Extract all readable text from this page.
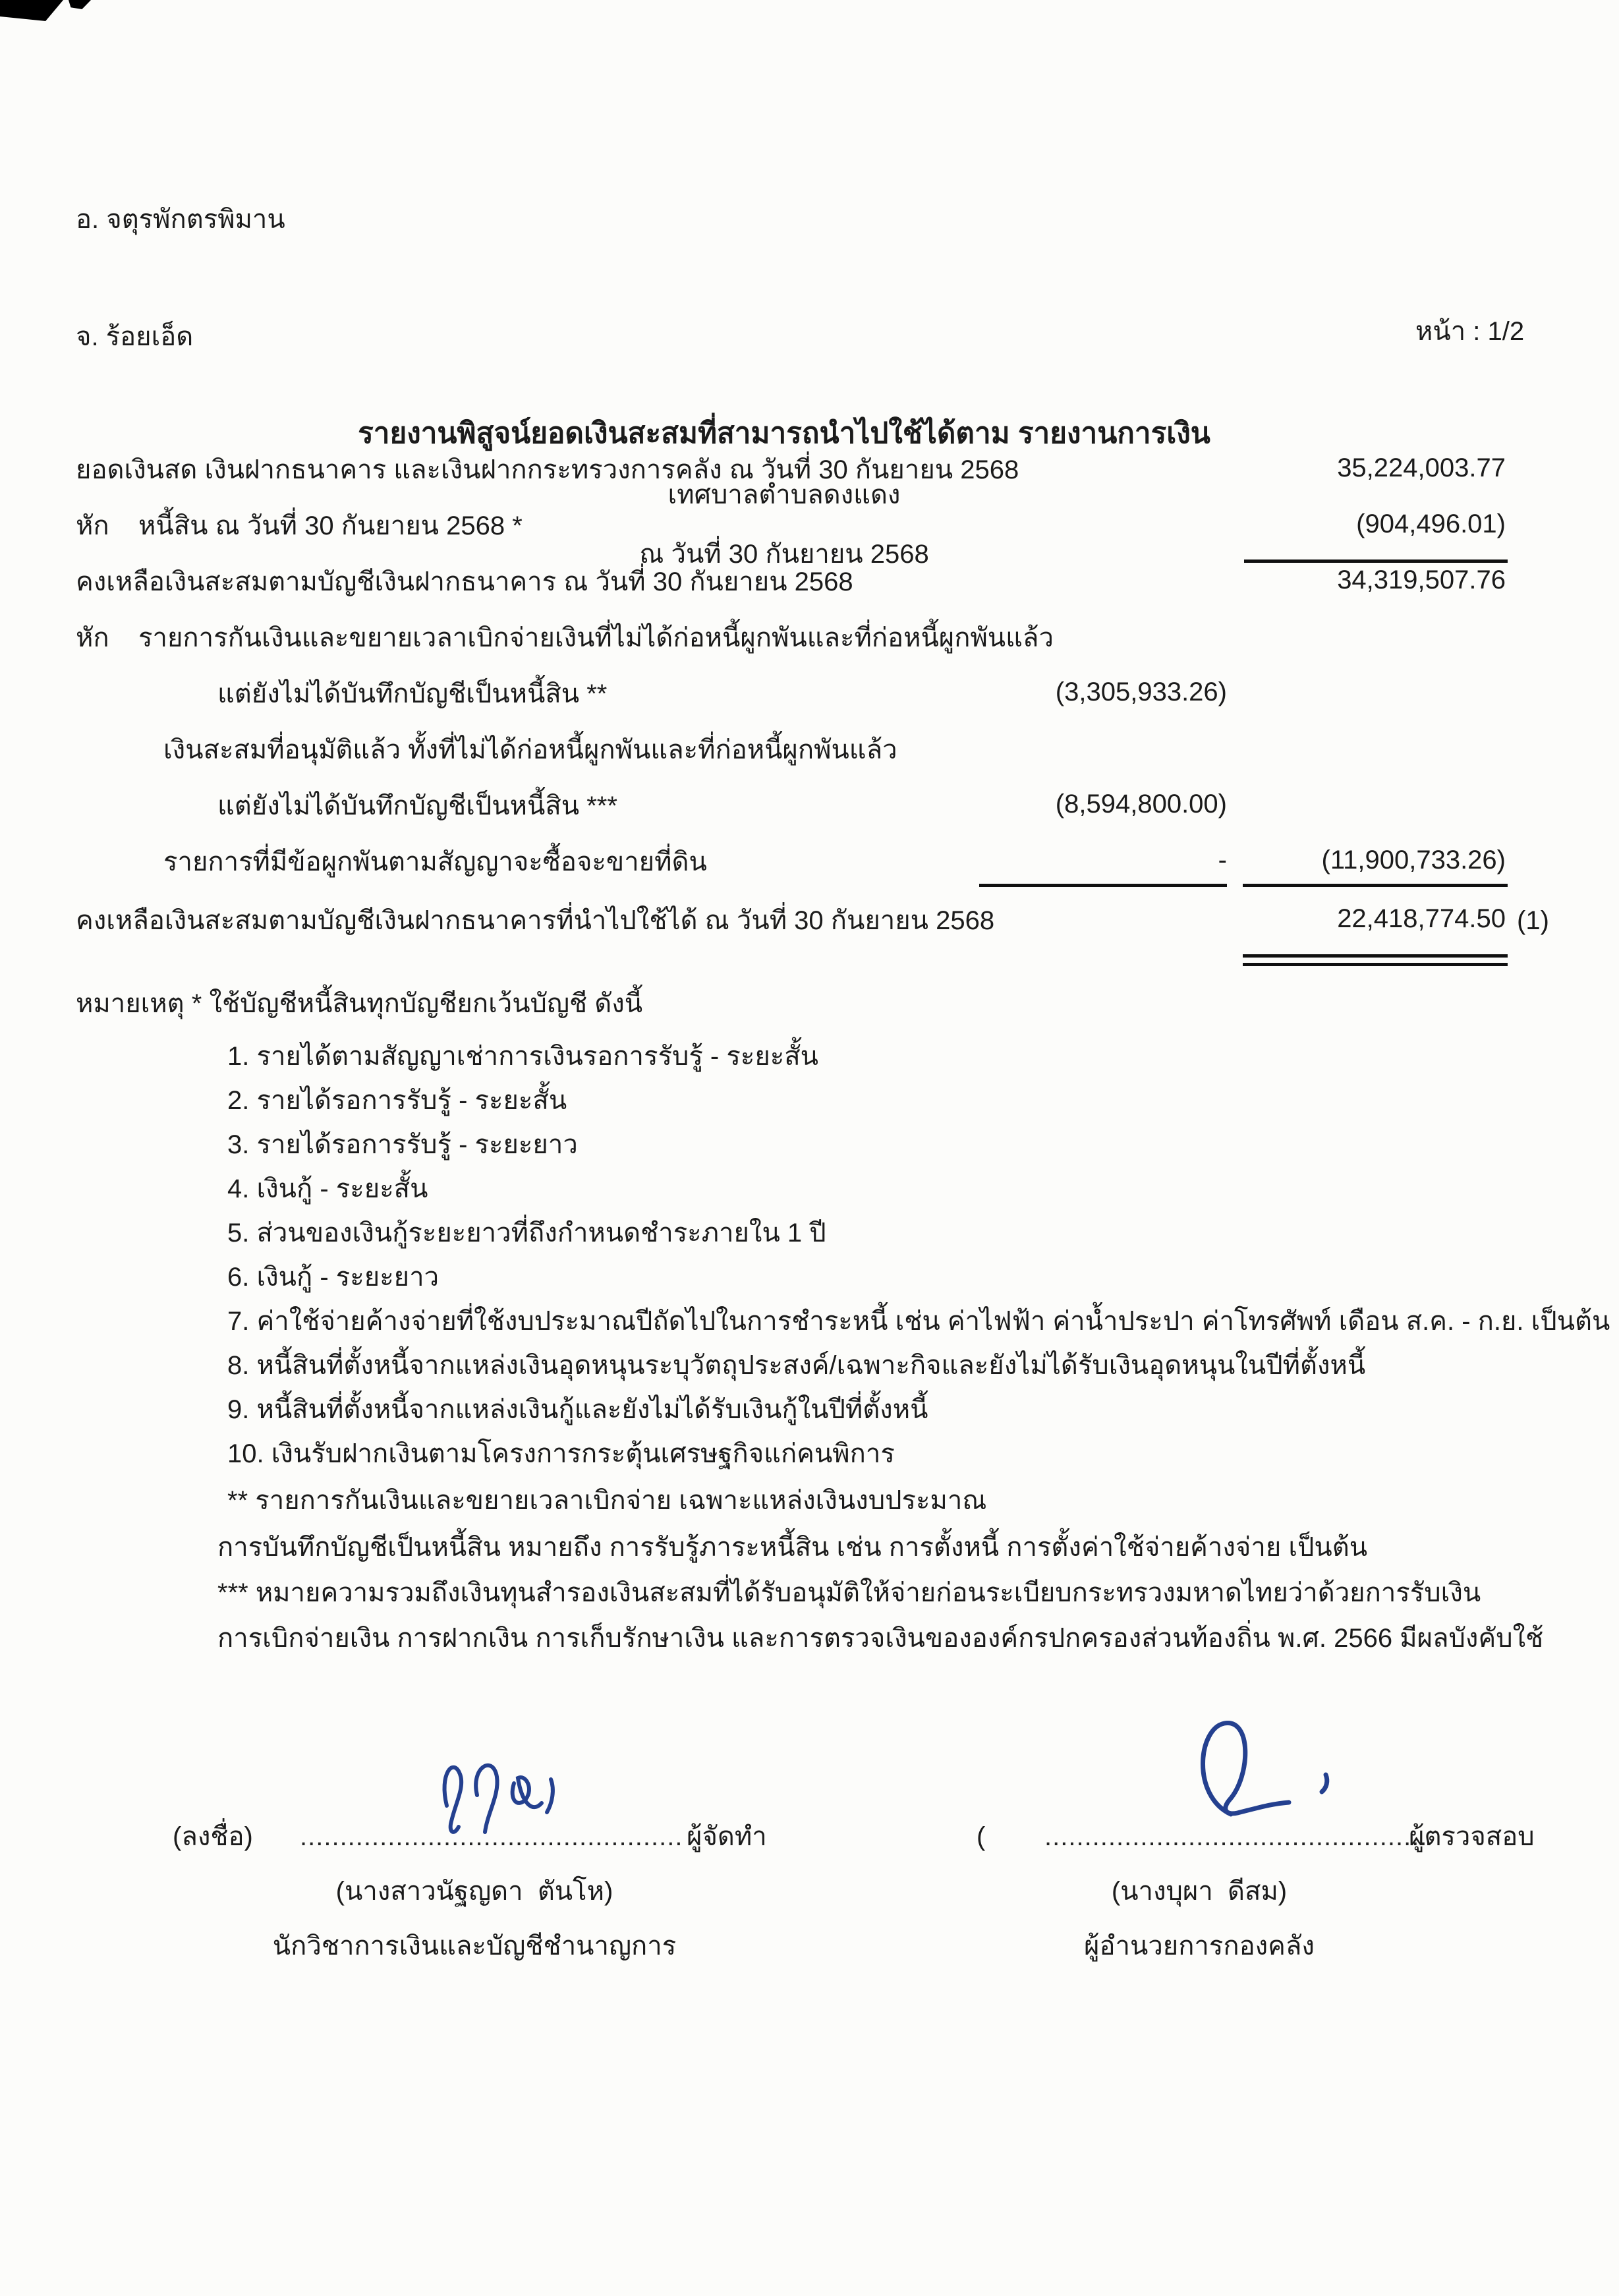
อ. จตุรพักตรพิมาน
จ. ร้อยเอ็ด	หน้า : 1/2
รายงานพิสูจน์ยอดเงินสะสมที่สามารถนำไปใช้ได้ตาม รายงานการเงิน
เทศบาลตำบลดงแดง
ณ วันที่ 30 กันยายน 2568
ยอดเงินสด เงินฝากธนาคาร และเงินฝากกระทรวงการคลัง ณ วันที่ 30 กันยายน 2568	35,224,003.77
หัก    หนี้สิน ณ วันที่ 30 กันยายน 2568 *	(904,496.01)
คงเหลือเงินสะสมตามบัญชีเงินฝากธนาคาร ณ วันที่ 30 กันยายน 2568	34,319,507.76
หัก    รายการกันเงินและขยายเวลาเบิกจ่ายเงินที่ไม่ได้ก่อหนี้ผูกพันและที่ก่อหนี้ผูกพันแล้ว
แต่ยังไม่ได้บันทึกบัญชีเป็นหนี้สิน **	(3,305,933.26)
เงินสะสมที่อนุมัติแล้ว ทั้งที่ไม่ได้ก่อหนี้ผูกพันและที่ก่อหนี้ผูกพันแล้ว
แต่ยังไม่ได้บันทึกบัญชีเป็นหนี้สิน ***	(8,594,800.00)
รายการที่มีข้อผูกพันตามสัญญาจะซื้อจะขายที่ดิน	-	(11,900,733.26)
คงเหลือเงินสะสมตามบัญชีเงินฝากธนาคารที่นำไปใช้ได้ ณ วันที่ 30 กันยายน 2568	22,418,774.50 (1)
หมายเหตุ * ใช้บัญชีหนี้สินทุกบัญชียกเว้นบัญชี ดังนี้
1. รายได้ตามสัญญาเช่าการเงินรอการรับรู้ - ระยะสั้น
2. รายได้รอการรับรู้ - ระยะสั้น
3. รายได้รอการรับรู้ - ระยะยาว
4. เงินกู้ - ระยะสั้น
5. ส่วนของเงินกู้ระยะยาวที่ถึงกำหนดชำระภายใน 1 ปี
6. เงินกู้ - ระยะยาว
7. ค่าใช้จ่ายค้างจ่ายที่ใช้งบประมาณปีถัดไปในการชำระหนี้ เช่น ค่าไฟฟ้า ค่าน้ำประปา ค่าโทรศัพท์ เดือน ส.ค. - ก.ย. เป็นต้น
8. หนี้สินที่ตั้งหนี้จากแหล่งเงินอุดหนุนระบุวัตถุประสงค์/เฉพาะกิจและยังไม่ได้รับเงินอุดหนุนในปีที่ตั้งหนี้
9. หนี้สินที่ตั้งหนี้จากแหล่งเงินกู้และยังไม่ได้รับเงินกู้ในปีที่ตั้งหนี้
10. เงินรับฝากเงินตามโครงการกระตุ้นเศรษฐกิจแก่คนพิการ
** รายการกันเงินและขยายเวลาเบิกจ่าย เฉพาะแหล่งเงินงบประมาณ
การบันทึกบัญชีเป็นหนี้สิน หมายถึง การรับรู้ภาระหนี้สิน เช่น การตั้งหนี้ การตั้งค่าใช้จ่ายค้างจ่าย เป็นต้น
*** หมายความรวมถึงเงินทุนสำรองเงินสะสมที่ได้รับอนุมัติให้จ่ายก่อนระเบียบกระทรวงมหาดไทยว่าด้วยการรับเงิน
การเบิกจ่ายเงิน การฝากเงิน การเก็บรักษาเงิน และการตรวจเงินขององค์กรปกครองส่วนท้องถิ่น พ.ศ. 2566 มีผลบังคับใช้
(ลงชื่อ) ................................................ ผู้จัดทำ
(นางสาวนัฐญดา  ตันโห)
นักวิชาการเงินและบัญชีชำนาญการ
( ................................................
ผู้ตรวจสอบ
(นางบุผา  ดีสม)
ผู้อำนวยการกองคลัง
